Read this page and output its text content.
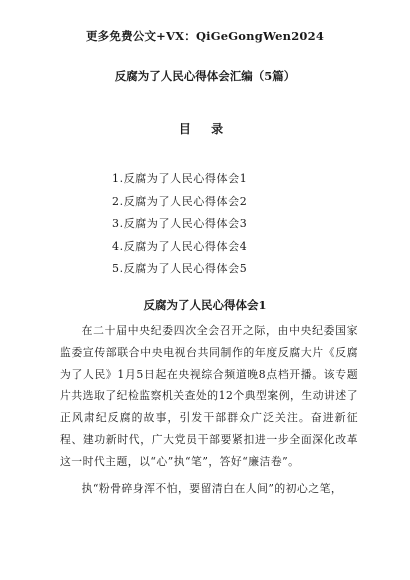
更多免费公文+VX：QiGeGongWen2024
反腐为了人民心得体会汇编（5篇）
目 录
1.反腐为了人民心得体会1
2.反腐为了人民心得体会2
3.反腐为了人民心得体会3
4.反腐为了人民心得体会4
5.反腐为了人民心得体会5
反腐为了人民心得体会1

在二十届中央纪委四次全会召开之际，由中央纪委国家监委宣传部联合中央电视台共同制作的年度反腐大片《反腐为了人民》1月5日起在央视综合频道晚8点档开播。该专题片共选取了纪检监察机关查处的12个典型案例，生动讲述了正风肃纪反腐的故事，引发干部群众广泛关注。奋进新征程、建功新时代，广大党员干部要紧扣进一步全面深化改革这一时代主题，以“心”执“笔”，答好“廉洁卷”。

执“粉骨碎身浑不怕，要留清白在人间”的初心之笔，
